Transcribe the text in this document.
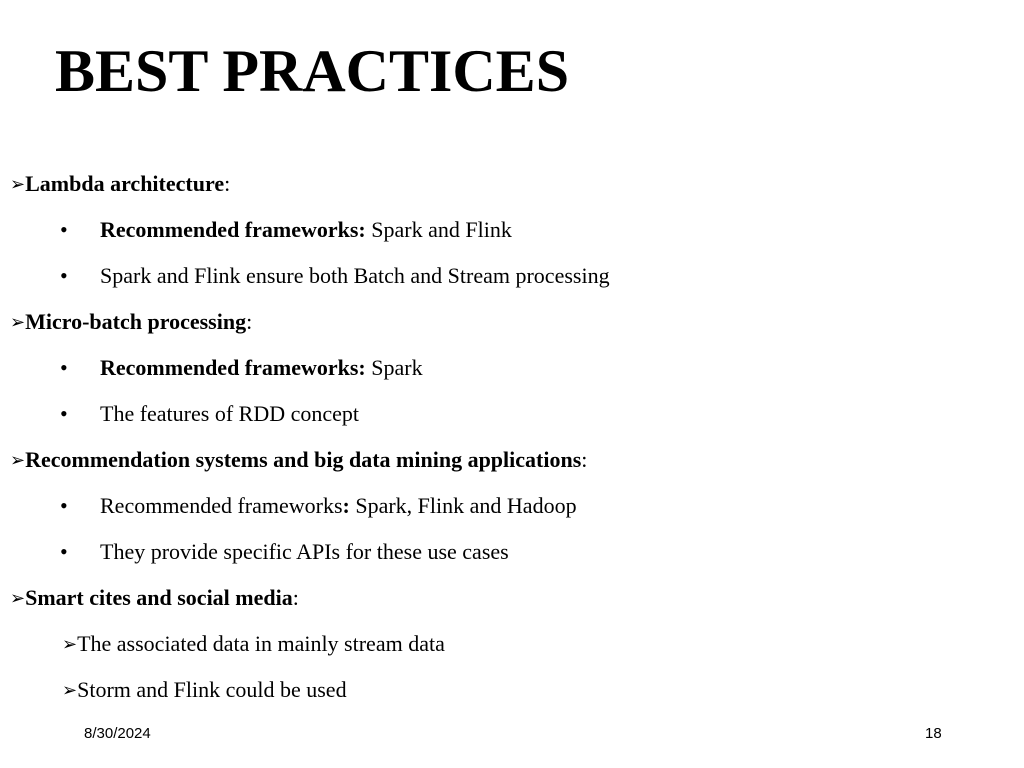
BEST PRACTICES
➢Lambda architecture:
• Recommended frameworks: Spark and Flink
• Spark and Flink ensure both Batch and Stream processing
➢Micro-batch processing:
• Recommended frameworks: Spark
• The features of RDD concept
➢Recommendation systems and big data mining applications:
• Recommended frameworks: Spark, Flink and Hadoop
• They provide specific APIs for these use cases
➢Smart cites and social media:
➢The associated data in mainly stream data
➢Storm and Flink could be used
8/30/2024	18
